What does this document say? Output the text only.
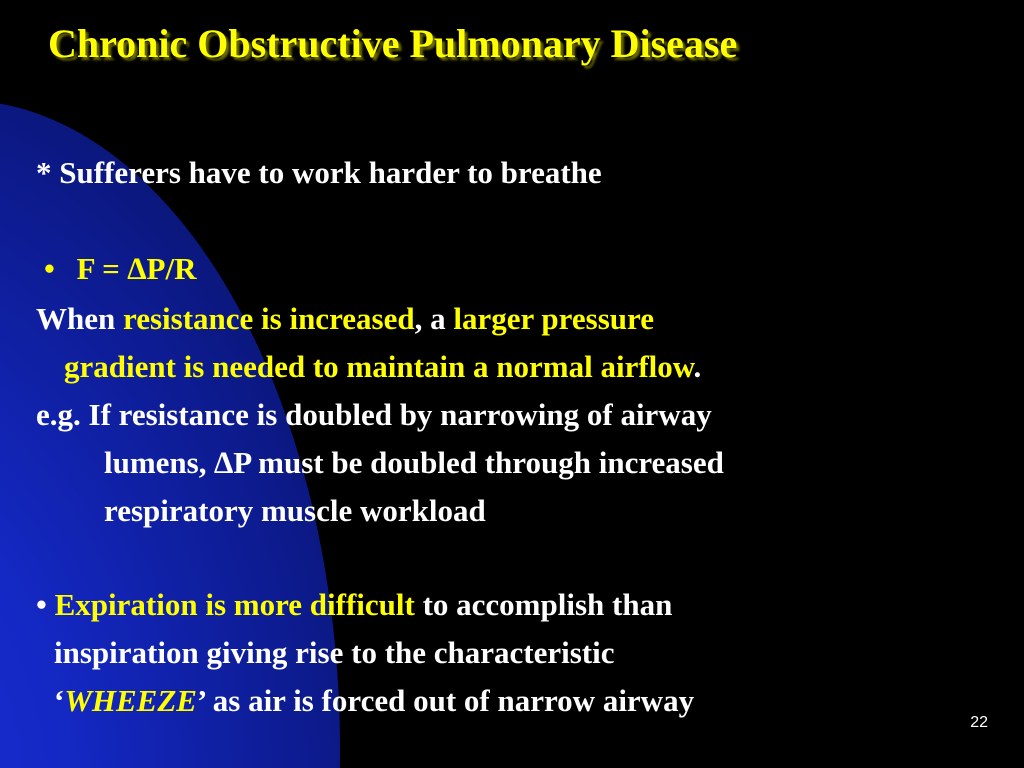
Chronic Obstructive Pulmonary Disease
* Sufferers have to work harder to breathe
• F = ∆P/R
When resistance is increased, a larger pressure
gradient is needed to maintain a normal airflow.
e.g. If resistance is doubled by narrowing of airway
lumens, ∆P must be doubled through increased
respiratory muscle workload
• Expiration is more difficult to accomplish than
inspiration giving rise to the characteristic
‘WHEEZE’ as air is forced out of narrow airway
22
